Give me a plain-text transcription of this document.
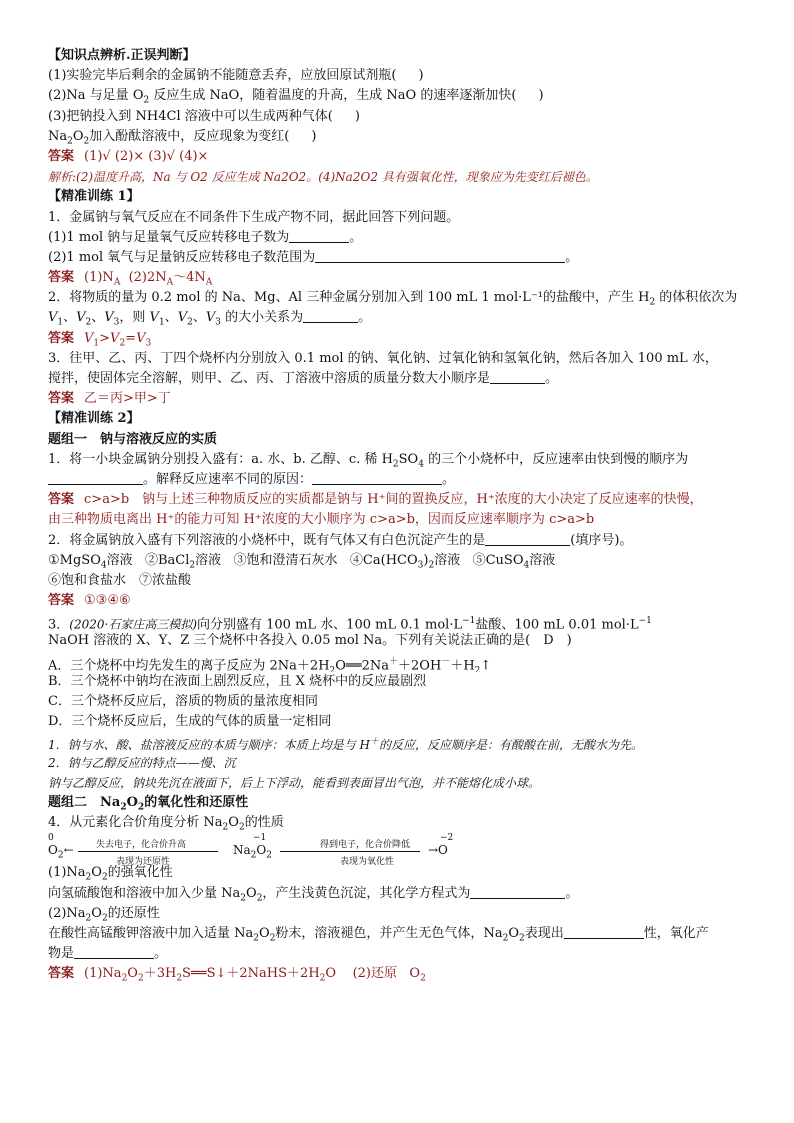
【知识点辨析.正误判断】
(1)实验完毕后剩余的金属钠不能随意丢弃，应放回原试剂瓶( )
(2)Na 与足量 $O_2$ 反应生成 NaO，随着温度的升高，生成 NaO 的速率逐渐加快( )
(3)把钠投入到 NH4Cl 溶液中可以生成两种气体( )
$Na_2O_2$加入酚酞溶液中，反应现象为变红( )
答案 (1)√ (2)× (3)√ (4)×
解析:(2)温度升高，Na 与 O2 反应生成 Na2O2。(4)Na2O2 具有强氧化性，现象应为先变红后褪色。
【精准训练 1】
1．金属钠与氧气反应在不同条件下生成产物不同，据此回答下列问题。
(1)1 mol 钠与足量氧气反应转移电子数为	。
(2)1 mol 氧气与足量钠反应转移电子数范围为	。
答案 $(1)N_A$  $(2)2N_A\sim 4N_A$
2．将物质的量为 0.2 mol 的 Na、Mg、Al 三种金属分别加入到 100 mL 1 mol·L⁻¹的盐酸中，产生 $H_2$ 的体积依次为
$V_1$、$V_2$、$V_3$，则 $V_1$、$V_2$、$V_3$ 的大小关系为	。
答案 $V_1>V_2=V_3$
3．往甲、乙、丙、丁四个烧杯内分别放入 0.1 mol 的钠、氧化钠、过氧化钠和氢氧化钠，然后各加入 100 mL 水，
搅拌，使固体完全溶解，则甲、乙、丙、丁溶液中溶质的质量分数大小顺序是	。
答案 乙＝丙>甲>丁
【精准训练 2】
题组一　钠与溶液反应的实质
1．将一小块金属钠分别投入盛有：a. 水、b. 乙醇、c. 稀 $H_2SO_4$ 的三个小烧杯中，反应速率由快到慢的顺序为
。解释反应速率不同的原因：	。
答案 c>a>b　钠与上述三种物质反应的实质都是钠与 H⁺间的置换反应，H⁺浓度的大小决定了反应速率的快慢，
由三种物质电离出 H⁺的能力可知 H⁺浓度的大小顺序为 c>a>b，因而反应速率顺序为 c>a>b
2．将金属钠放入盛有下列溶液的小烧杯中，既有气体又有白色沉淀产生的是	(填序号)。
①MgSO$_4$溶液   ②BaCl$_2$溶液   ③饱和澄清石灰水   $④Ca(HCO_3)_2$溶液   ⑤CuSO$_4$溶液
⑥饱和食盐水　⑦浓盐酸
答案 ①③④⑥
3．(2020·石家庄高三模拟)向分别盛有 100 mL 水、100 mL 0.1 $mol\cdot L^{-1}$盐酸、100 mL 0.01 $mol\cdot L^{-1}$
NaOH 溶液的 X、Y、Z 三个烧杯中各投入 0.05 mol Na。下列有关说法正确的是(　D　)
A．三个烧杯中均先发生的离子反应为 $2Na+2H_2O══2Na^++2OH^-+H_2↑$
B．三个烧杯中钠均在液面上剧烈反应，且 X 烧杯中的反应最剧烈
C．三个烧杯反应后，溶质的物质的量浓度相同
D．三个烧杯反应后，生成的气体的质量一定相同
1．钠与水、酸、盐溶液反应的本质与顺序：本质上均是与 H＋的反应，反应顺序是：有酸酸在前，无酸水为先。
2．钠与乙醇反应的特点——慢、沉
钠与乙醇反应，钠块先沉在液面下，后上下浮动，能看到表面冒出气泡，并不能熔化成小球。
题组二　$Na_2O_2$的氧化性和还原性
4．从元素化合价角度分析 $Na_2O_2$的性质
0
$O_2\leftarrow$ 失去电子，化合价升高
表现为还原性
$Na_2O_2$
−1
得到电子，化合价降低
表现为氧化性
→O
−2
$(1)Na_2O_2$的强氧化性
向氢硫酸饱和溶液中加入少量 $Na_2O_2$，产生浅黄色沉淀，其化学方程式为	。
$(2)Na_2O_2$的还原性
在酸性高锰酸钾溶液中加入适量 $Na_2O_2$粉末，溶液褪色，并产生无色气体，$Na_2O_2$表现出	性，氧化产
物是	。
答案 $(1)Na_2O_2+3H_2S══S↓+2NaHS+2H_2O$    (2)还原   $O_2$
